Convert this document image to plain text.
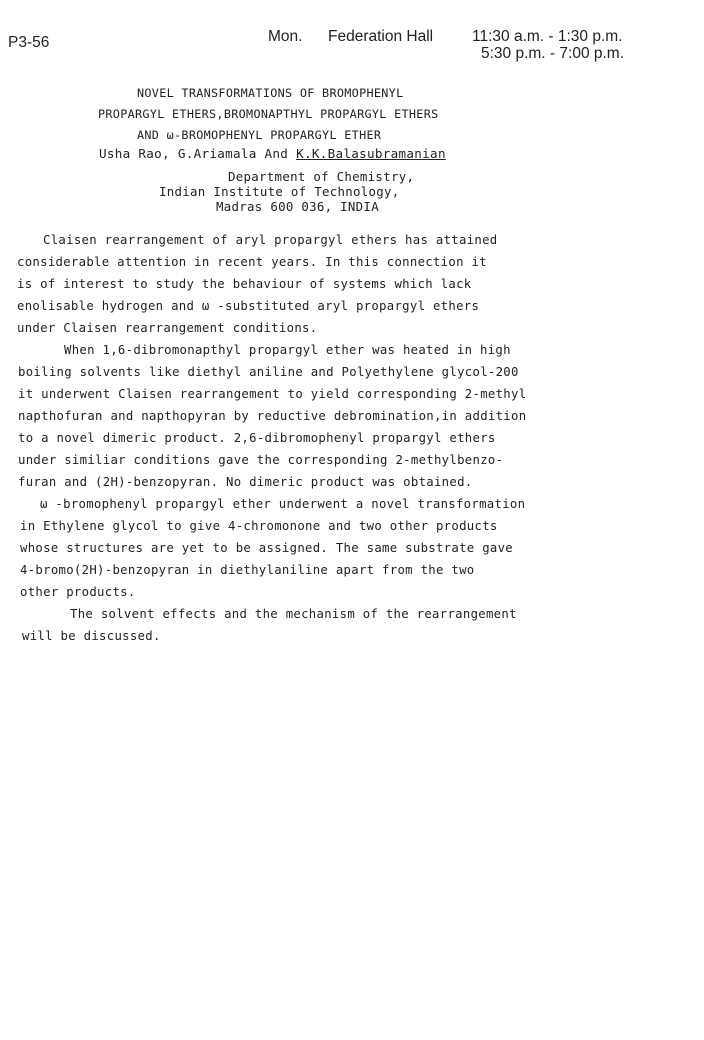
P3-56	Mon. Federation Hall	11:30 a.m. - 1:30 p.m.
5:30 p.m. - 7:00 p.m.
NOVEL TRANSFORMATIONS OF BROMOPHENYL
PROPARGYL ETHERS,BROMONAPTHYL PROPARGYL ETHERS
AND ω-BROMOPHENYL PROPARGYL ETHER
Usha Rao, G.Ariamala And K.K.Balasubramanian
Department of Chemistry,
Indian Institute of Technology,
Madras 600 036, INDIA
Claisen rearrangement of aryl propargyl ethers has attained
considerable attention in recent years. In this connection it
is of interest to study the behaviour of systems which lack
enolisable hydrogen and ω -substituted aryl propargyl ethers
under Claisen rearrangement conditions.
When 1,6-dibromonapthyl propargyl ether was heated in high
boiling solvents like diethyl aniline and Polyethylene glycol-200
it underwent Claisen rearrangement to yield corresponding 2-methyl
napthofuran and napthopyran by reductive debromination,in addition
to a novel dimeric product. 2,6-dibromophenyl propargyl ethers
under similiar conditions gave the corresponding 2-methylbenzo-
furan and (2H)-benzopyran. No dimeric product was obtained.
ω -bromophenyl propargyl ether underwent a novel transformation
in Ethylene glycol to give 4-chromonone and two other products
whose structures are yet to be assigned. The same substrate gave
4-bromo(2H)-benzopyran in diethylaniline apart from the two
other products.
The solvent effects and the mechanism of the rearrangement
will be discussed.
